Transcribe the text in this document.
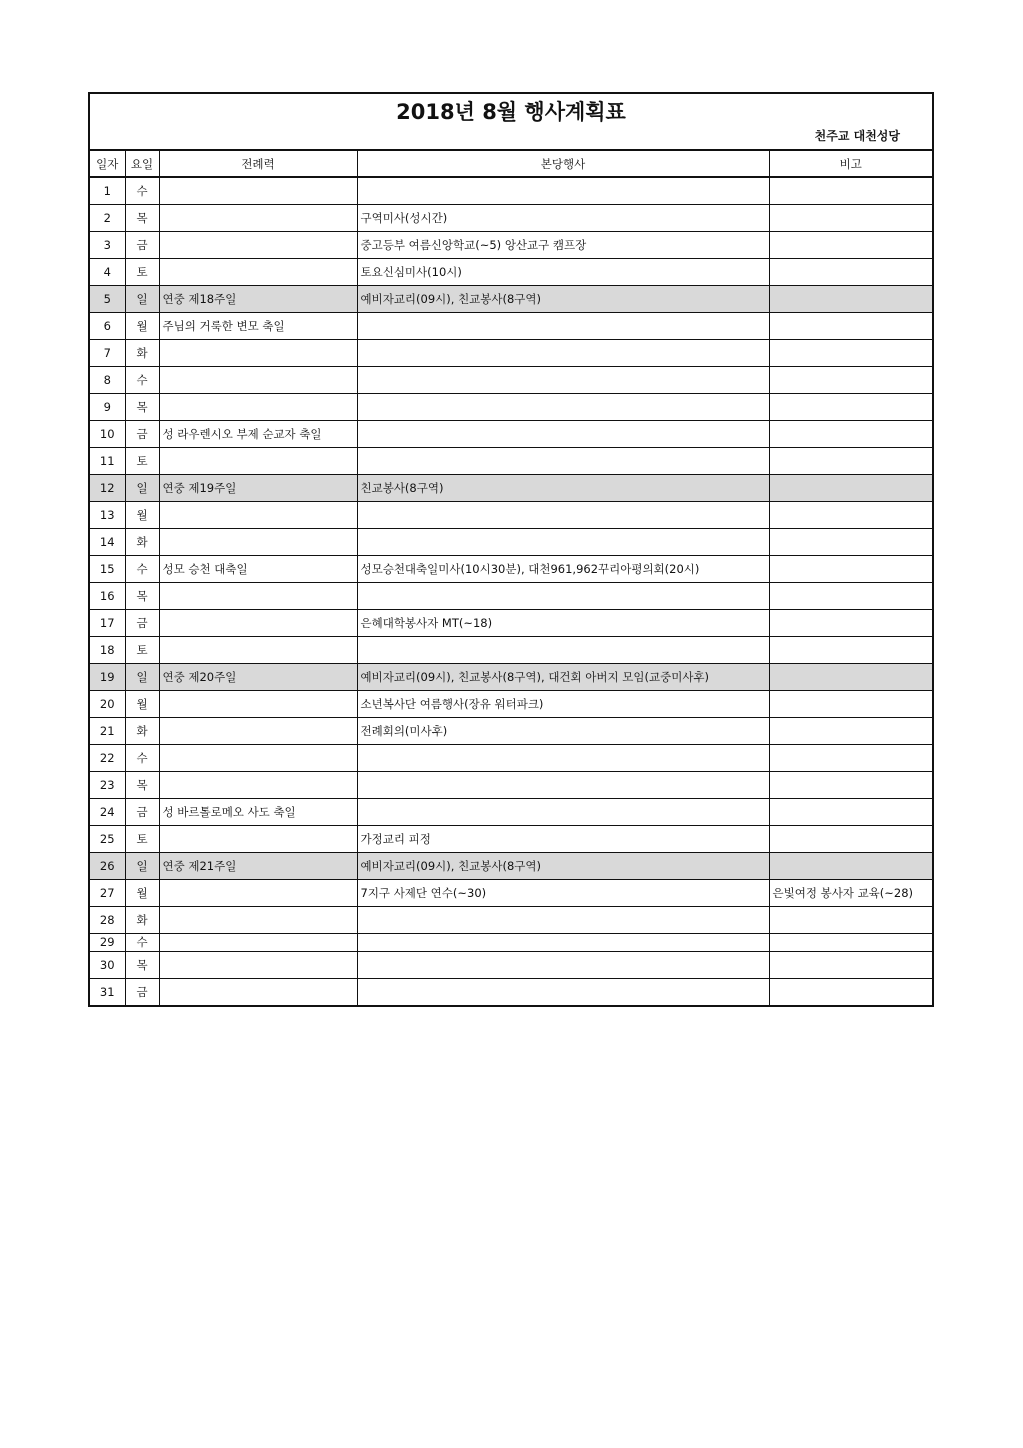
2018년 8월 행사계획표
천주교 대천성당
일자	요일	전례력	본당행사	비고
1	수			
2	목		구역미사(성시간)	
3	금		중고등부 여름신앙학교(~5) 앙산교구 캠프장	
4	토		토요신심미사(10시)	
5	일	연중 제18주일	예비자교리(09시), 친교봉사(8구역)	
6	월	주님의 거룩한 변모 축일		
7	화			
8	수			
9	목			
10	금	성 라우렌시오 부제 순교자 축일		
11	토			
12	일	연중 제19주일	친교봉사(8구역)	
13	월			
14	화			
15	수	성모 승천 대축일	성모승천대축일미사(10시30분), 대천961,962꾸리아평의회(20시)	
16	목			
17	금		은혜대학봉사자 MT(~18)	
18	토			
19	일	연중 제20주일	예비자교리(09시), 친교봉사(8구역), 대건회 아버지 모임(교중미사후)	
20	월		소년복사단 여름행사(장유 워터파크)	
21	화		전례회의(미사후)	
22	수			
23	목			
24	금	성 바르톨로메오 사도 축일		
25	토		가정교리 피정	
26	일	연중 제21주일	예비자교리(09시), 친교봉사(8구역)	
27	월		7지구 사제단 연수(~30)	은빛여정 봉사자 교육(~28)
28	화			
29	수			
30	목			
31	금			
